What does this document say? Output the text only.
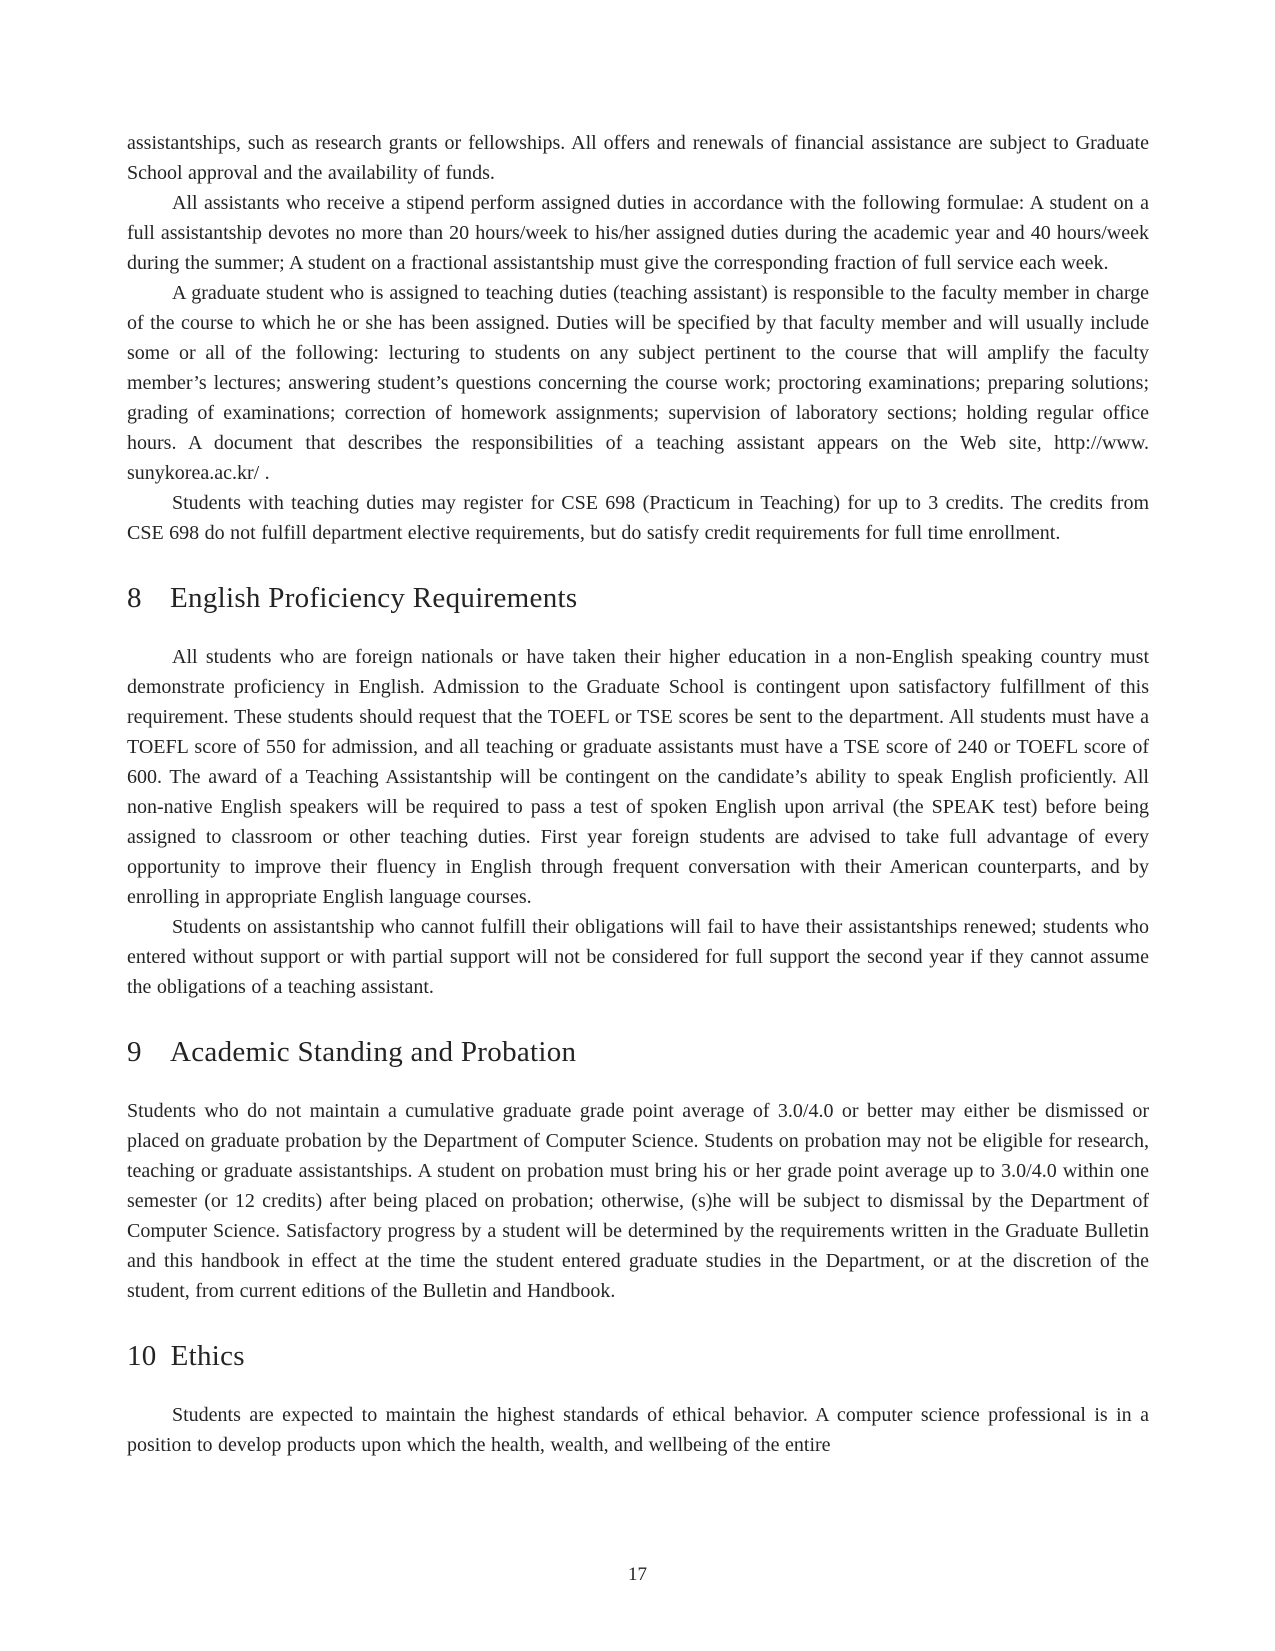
assistantships, such as research grants or fellowships. All offers and renewals of financial assistance are subject to Graduate School approval and the availability of funds.

All assistants who receive a stipend perform assigned duties in accordance with the following formulae: A student on a full assistantship devotes no more than 20 hours/week to his/her assigned duties during the academic year and 40 hours/week during the summer; A student on a fractional assistantship must give the corresponding fraction of full service each week.

A graduate student who is assigned to teaching duties (teaching assistant) is responsible to the faculty member in charge of the course to which he or she has been assigned. Duties will be specified by that faculty member and will usually include some or all of the following: lecturing to students on any subject pertinent to the course that will amplify the faculty member’s lectures; answering student’s questions concerning the course work; proctoring examinations; preparing solutions; grading of examinations; correction of homework assignments; supervision of laboratory sections; holding regular office hours. A document that describes the responsibilities of a teaching assistant appears on the Web site, http://www. sunykorea.ac.kr/ .

Students with teaching duties may register for CSE 698 (Practicum in Teaching) for up to 3 credits. The credits from CSE 698 do not fulfill department elective requirements, but do satisfy credit requirements for full time enrollment.

8 English Proficiency Requirements

All students who are foreign nationals or have taken their higher education in a non-English speaking country must demonstrate proficiency in English. Admission to the Graduate School is contingent upon satisfactory fulfillment of this requirement. These students should request that the TOEFL or TSE scores be sent to the department. All students must have a TOEFL score of 550 for admission, and all teaching or graduate assistants must have a TSE score of 240 or TOEFL score of 600. The award of a Teaching Assistantship will be contingent on the candidate’s ability to speak English proficiently. All non-native English speakers will be required to pass a test of spoken English upon arrival (the SPEAK test) before being assigned to classroom or other teaching duties. First year foreign students are advised to take full advantage of every opportunity to improve their fluency in English through frequent conversation with their American counterparts, and by enrolling in appropriate English language courses.

Students on assistantship who cannot fulfill their obligations will fail to have their assistantships renewed; students who entered without support or with partial support will not be considered for full support the second year if they cannot assume the obligations of a teaching assistant.

9 Academic Standing and Probation

Students who do not maintain a cumulative graduate grade point average of 3.0/4.0 or better may either be dismissed or placed on graduate probation by the Department of Computer Science. Students on probation may not be eligible for research, teaching or graduate assistantships. A student on probation must bring his or her grade point average up to 3.0/4.0 within one semester (or 12 credits) after being placed on probation; otherwise, (s)he will be subject to dismissal by the Department of Computer Science. Satisfactory progress by a student will be determined by the requirements written in the Graduate Bulletin and this handbook in effect at the time the student entered graduate studies in the Department, or at the discretion of the student, from current editions of the Bulletin and Handbook.

10 Ethics

Students are expected to maintain the highest standards of ethical behavior. A computer science professional is in a position to develop products upon which the health, wealth, and wellbeing of the entire

17
